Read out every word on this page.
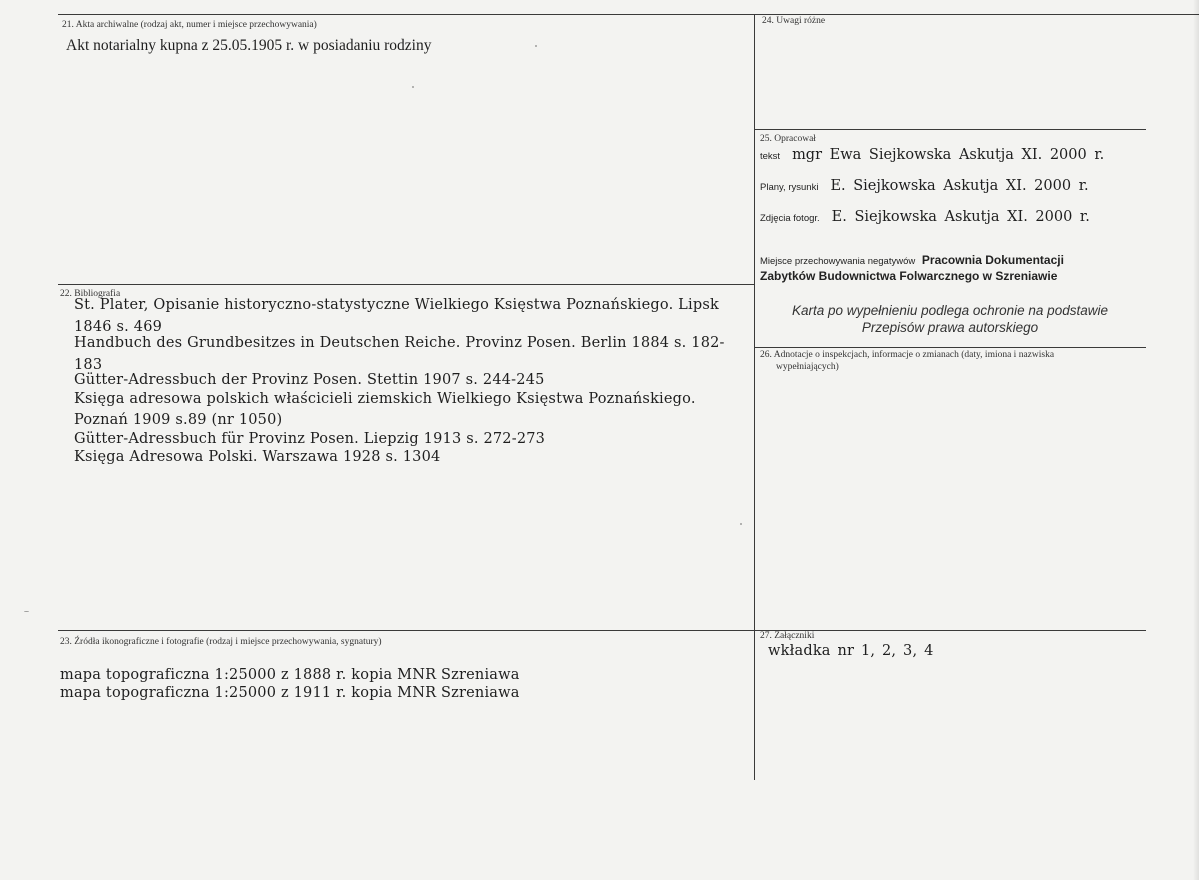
21. Akta archiwalne (rodzaj akt, numer i miejsce przechowywania)
Akt notarialny kupna z 25.05.1905 r. w posiadaniu rodziny
24. Uwagi różne
25. Opracował
tekst mgr Ewa Siejkowska Askutja XI. 2000 r.
Plany, rysunki E. Siejkowska Askutja XI. 2000 r.
Zdjęcia fotogr. E. Siejkowska Askutja XI. 2000 r.
Miejsce przechowywania negatywów Pracownia Dokumentacji
Zabytków Budownictwa Folwarcznego w Szreniawie
Karta po wypełnieniu podlega ochronie na podstawie
Przepisów prawa autorskiego
22. Bibliografia
St. Plater, Opisanie historyczno-statystyczne Wielkiego Księstwa Poznańskiego. Lipsk
1846 s. 469
Handbuch des Grundbesitzes in Deutschen Reiche. Provinz Posen. Berlin 1884 s. 182-
183
Gütter-Adressbuch der Provinz Posen. Stettin 1907 s. 244-245
Księga adresowa polskich właścicieli ziemskich Wielkiego Księstwa Poznańskiego.
Poznań 1909 s.89 (nr 1050)
Gütter-Adressbuch für Provinz Posen. Liepzig 1913 s. 272-273
Księga Adresowa Polski. Warszawa 1928 s. 1304
26. Adnotacje o inspekcjach, informacje o zmianach (daty, imiona i nazwiska
wypełniających)
23. Źródła ikonograficzne i fotografie (rodzaj i miejsce przechowywania, sygnatury)
mapa topograficzna 1:25000 z 1888 r. kopia MNR Szreniawa
mapa topograficzna 1:25000 z 1911 r. kopia MNR Szreniawa
27. Załączniki
wkładka nr 1, 2, 3, 4
